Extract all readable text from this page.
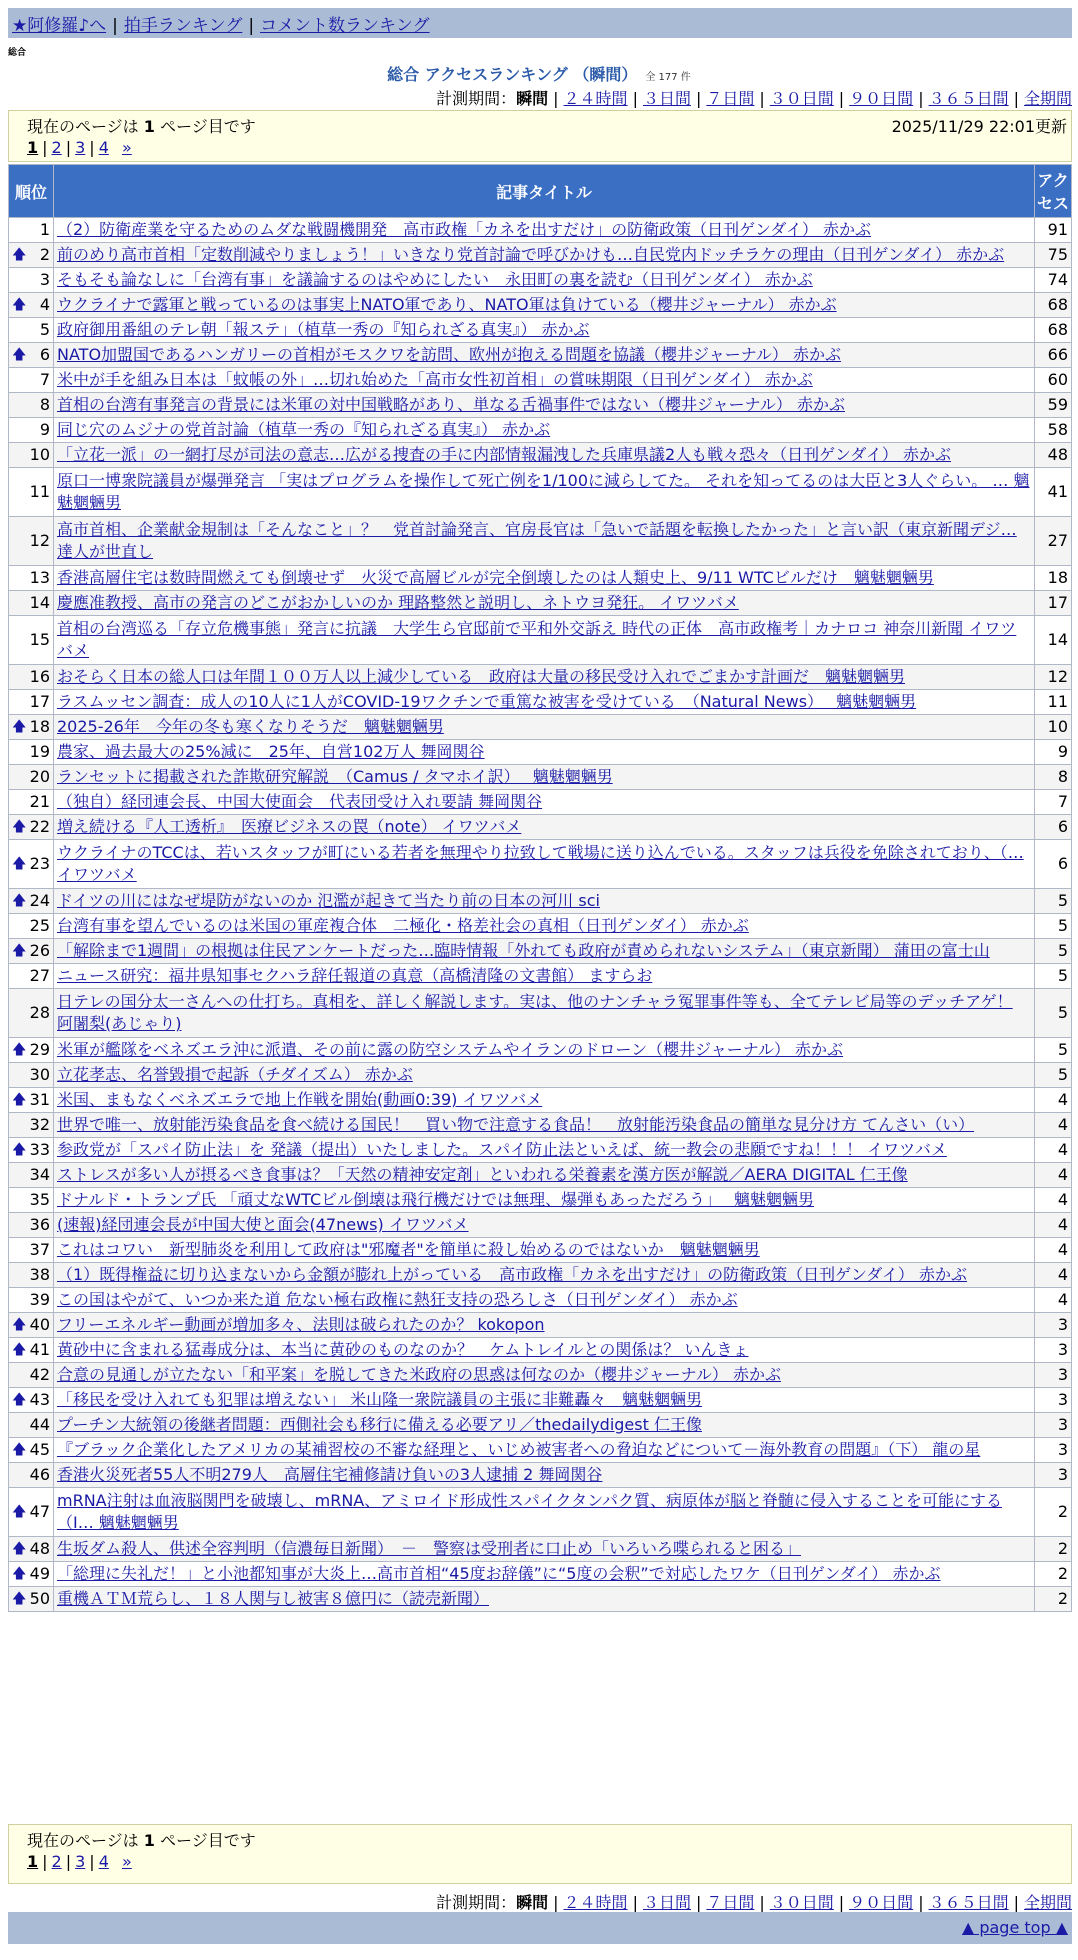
★阿修羅♪へ | 拍手ランキング | コメント数ランキング
総合
総合 アクセスランキング （瞬間） 全 177 件
計測期間：瞬間 | ２４時間 | ３日間 | ７日間 | ３０日間 | ９０日間 | ３６５日間 | 全期間
現在のページは 1 ページ目です	2025/11/29 22:01更新
1 | 2 | 3 | 4 »
順位	記事タイトル	アクセス
1	（2）防衛産業を守るためのムダな戦闘機開発　高市政権「カネを出すだけ」の防衛政策（日刊ゲンダイ） 赤かぶ	91

🡅 2	前のめり高市首相「定数削減やりましょう！」いきなり党首討論で呼びかけも…自民党内ドッチラケの理由（日刊ゲンダイ） 赤かぶ	75
3	そもそも論なしに「台湾有事」を議論するのはやめにしたい　永田町の裏を読む（日刊ゲンダイ） 赤かぶ	74

🡅 4	ウクライナで露軍と戦っているのは事実上NATO軍であり、NATO軍は負けている（櫻井ジャーナル） 赤かぶ	68
5	政府御用番組のテレ朝「報ステ」（植草一秀の『知られざる真実』） 赤かぶ	68

🡅 6	NATO加盟国であるハンガリーの首相がモスクワを訪問、欧州が抱える問題を協議（櫻井ジャーナル） 赤かぶ	66
7	米中が手を組み日本は「蚊帳の外」…切れ始めた「高市女性初首相」の賞味期限（日刊ゲンダイ） 赤かぶ	60
8	首相の台湾有事発言の背景には米軍の対中国戦略があり、単なる舌禍事件ではない（櫻井ジャーナル） 赤かぶ	59
9	同じ穴のムジナの党首討論（植草一秀の『知られざる真実』） 赤かぶ	58
10	「立花一派」の一網打尽が司法の意志…広がる捜査の手に内部情報漏洩した兵庫県議2人も戦々恐々（日刊ゲンダイ） 赤かぶ	48
11	原口一博衆院議員が爆弾発言 「実はプログラムを操作して死亡例を1/100に減らしてた。 それを知ってるのは大臣と3人ぐらい。 … 魑魅魍魎男	41
12	高市首相、企業献金規制は「そんなこと」？　党首討論発言、官房長官は「急いで話題を転換したかった」と言い訳（東京新聞デジ… 達人が世直し	27
13	香港高層住宅は数時間燃えても倒壊せず　火災で高層ビルが完全倒壊したのは人類史上、9/11 WTCビルだけ　魑魅魍魎男	18
14	慶應准教授、高市の発言のどこがおかしいのか 理路整然と説明し、ネトウヨ発狂。 イワツバメ	17
15	首相の台湾巡る「存立危機事態」発言に抗議　大学生ら官邸前で平和外交訴え 時代の正体　高市政権考｜カナロコ 神奈川新聞 イワツバメ	14
16	おそらく日本の総人口は年間１００万人以上減少している　政府は大量の移民受け入れでごまかす計画だ　魑魅魍魎男	12
17	ラスムッセン調査：成人の10人に1人がCOVID-19ワクチンで重篤な被害を受けている　（Natural News）　 魑魅魍魎男	11

🡅 18	2025-26年　今年の冬も寒くなりそうだ　魑魅魍魎男	10
19	農家、過去最大の25%減に　25年、自営102万人 舞岡関谷	9
20	ランセットに掲載された詐欺研究解説　（Camus / タマホイ訳）　 魑魅魍魎男	8
21	（独自）経団連会長、中国大使面会　代表団受け入れ要請 舞岡関谷	7

🡅 22	増え続ける『人工透析』　医療ビジネスの罠（note） イワツバメ	6

🡅 23	ウクライナのTCCは、若いスタッフが町にいる若者を無理やり拉致して戦場に送り込んでいる。スタッフは兵役を免除されており、（… イワツバメ	6

🡅 24	ドイツの川にはなぜ堤防がないのか 氾濫が起きて当たり前の日本の河川 sci	5
25	台湾有事を望んでいるのは米国の軍産複合体　二極化・格差社会の真相（日刊ゲンダイ） 赤かぶ	5

🡅 26	「解除まで1週間」の根拠は住民アンケートだった…臨時情報「外れても政府が責められないシステム」（東京新聞） 蒲田の富士山	5
27	ニュース研究：福井県知事セクハラ辞任報道の真意（高橋清隆の文書館） ますらお	5
28	日テレの国分太一さんへの仕打ち。真相を、詳しく解説します。実は、他のナンチャラ冤罪事件等も、全てテレビ局等のデッチアゲ！ 阿闍梨(あじゃり)	5

🡅 29	米軍が艦隊をベネズエラ沖に派遣、その前に露の防空システムやイランのドローン（櫻井ジャーナル） 赤かぶ	5
30	立花孝志、名誉毀損で起訴（チダイズム） 赤かぶ	5

🡅 31	米国、まもなくベネズエラで地上作戦を開始(動画0:39) イワツバメ	4
32	世界で唯一、放射能汚染食品を食べ続ける国民！　買い物で注意する食品！　放射能汚染食品の簡単な見分け方 てんさい（い）	4

🡅 33	参政党が「スパイ防止法」を 発議（提出）いたしました。スパイ防止法といえば、統一教会の悲願ですね！！！ イワツバメ	4
34	ストレスが多い人が摂るべき食事は？「天然の精神安定剤」といわれる栄養素を漢方医が解説／AERA DIGITAL 仁王像	4
35	ドナルド・トランプ氏 「頑丈なWTCビル倒壊は飛行機だけでは無理、爆弾もあっただろう」　 魑魅魍魎男	4
36	(速報)経団連会長が中国大使と面会(47news) イワツバメ	4
37	これはコワい　新型肺炎を利用して政府は"邪魔者"を簡単に殺し始めるのではないか　魑魅魍魎男	4
38	（1）既得権益に切り込まないから金額が膨れ上がっている　高市政権「カネを出すだけ」の防衛政策（日刊ゲンダイ） 赤かぶ	4
39	この国はやがて、いつか来た道 危ない極右政権に熱狂支持の恐ろしさ（日刊ゲンダイ） 赤かぶ	4

🡅 40	フリーエネルギー動画が増加多々、法則は破られたのか？ kokopon	3

🡅 41	黄砂中に含まれる猛毒成分は、本当に黄砂のものなのか？　ケムトレイルとの関係は？ いんきょ	3
42	合意の見通しが立たない「和平案」を脱してきた米政府の思惑は何なのか（櫻井ジャーナル） 赤かぶ	3

🡅 43	「移民を受け入れても犯罪は増えない」 米山隆一衆院議員の主張に非難轟々　魑魅魍魎男	3
44	プーチン大統領の後継者問題：西側社会も移行に備える必要アリ／thedailydigest 仁王像	3

🡅 45	『ブラック企業化したアメリカの某補習校の不審な経理と、いじめ被害者への脅迫などについて－海外教育の問題』（下） 龍の星	3
46	香港火災死者55人不明279人　高層住宅補修請け負いの3人逮捕 2 舞岡関谷	3

🡅 47	mRNA注射は血液脳関門を破壊し、mRNA、アミロイド形成性スパイクタンパク質、病原体が脳と脊髄に侵入することを可能にする（I… 魑魅魍魎男	2

🡅 48	生坂ダム殺人、供述全容判明（信濃毎日新聞）　－　警察は受刑者に口止め「いろいろ喋られると困る」	2

🡅 49	「総理に失礼だ！」と小池都知事が大炎上…高市首相“45度お辞儀”に“5度の会釈”で対応したワケ（日刊ゲンダイ） 赤かぶ	2

🡅 50	重機ＡＴＭ荒らし、１８人関与し被害８億円に（読売新聞）	2
現在のページは 1 ページ目です
1 | 2 | 3 | 4 »
計測期間：瞬間 | ２４時間 | ３日間 | ７日間 | ３０日間 | ９０日間 | ３６５日間 | 全期間
▲ page top ▲
